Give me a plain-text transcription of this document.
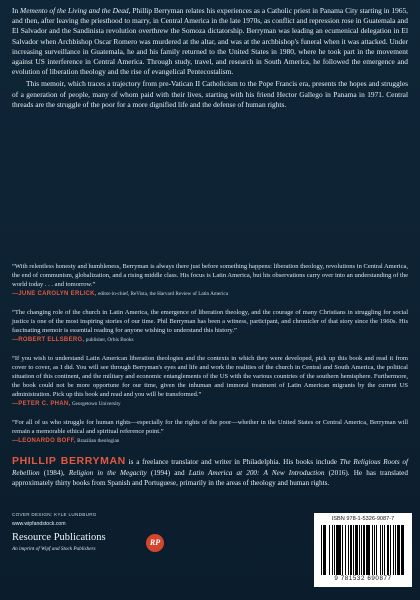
In Memento of the Living and the Dead, Phillip Berryman relates his experiences as a Catholic priest in Panama City starting in 1965, and then, after leaving the priesthood to marry, in Central America in the late 1970s, as conflict and repression rose in Guatemala and El Salvador and the Sandinista revolution overthrew the Somoza dictatorship. Berryman was leading an ecumenical delegation in El Salvador when Archbishop Oscar Romero was murdered at the altar, and was at the archbishop's funeral when it was attacked. Under increasing surveillance in Guatemala, he and his family returned to the United States in 1980, where he took part in the movement against US interference in Central America. Through study, travel, and research in South America, he followed the emergence and evolution of liberation theology and the rise of evangelical Pentecostalism.

This memoir, which traces a trajectory from pre-Vatican II Catholicism to the Pope Francis era, presents the hopes and struggles of a generation of people, many of whom paid with their lives, starting with his friend Hector Gallego in Panama in 1971. Central threads are the struggle of the poor for a more dignified life and the defense of human rights.

“With relentless honesty and humbleness, Berryman is always there just before something happens: liberation theology, revolutions in Central America, the end of communism, globalization, and a rising middle class. His focus is Latin America, but his observations carry over into an understanding of the world today . . . and tomorrow.”
—JUNE CAROLYN ERLICK, editor-in-chief, ReVista, the Harvard Review of Latin America
“The changing role of the church in Latin America, the emergence of liberation theology, and the courage of many Christians in struggling for social justice is one of the most inspiring stories of our time. Phil Berryman has been a witness, participant, and chronicler of that story since the 1960s. His fascinating memoir is essential reading for anyone wishing to understand this history.”
—ROBERT ELLSBERG, publisher, Orbis Books
“If you wish to understand Latin American liberation theologies and the contexts in which they were developed, pick up this book and read it from cover to cover, as I did. You will see through Berryman's eyes and life and work the realities of the church in Central and South America, the political situation of this continent, and the military and economic entanglements of the US with the various countries of the southern hemisphere. Furthermore, the book could not be more opportune for our time, given the inhuman and immoral treatment of Latin American migrants by the current US administration. Pick up this book and read and you will be transformed.”
—PETER C. PHAN, Georgetown University
“For all of us who struggle for human rights—especially for the rights of the poor—whether in the United States or Central America, Berryman will remain a memorable ethical and spiritual reference point.”
—LEONARDO BOFF, Brazilian theologian
PHILLIP BERRYMAN is a freelance translator and writer in Philadelphia. His books include The Religious Roots of Rebellion (1984), Religion in the Megacity (1994) and Latin America at 200: A New Introduction (2016). He has translated approximately thirty books from Spanish and Portuguese, primarily in the areas of theology and human rights.
COVER DESIGN: KYLE LUNDBURG
www.wipfandstock.com
Resource Publications
An imprint of Wipf and Stock Publishers
RP
ISBN 978-1-5326-9087-7
9 781532 690877
